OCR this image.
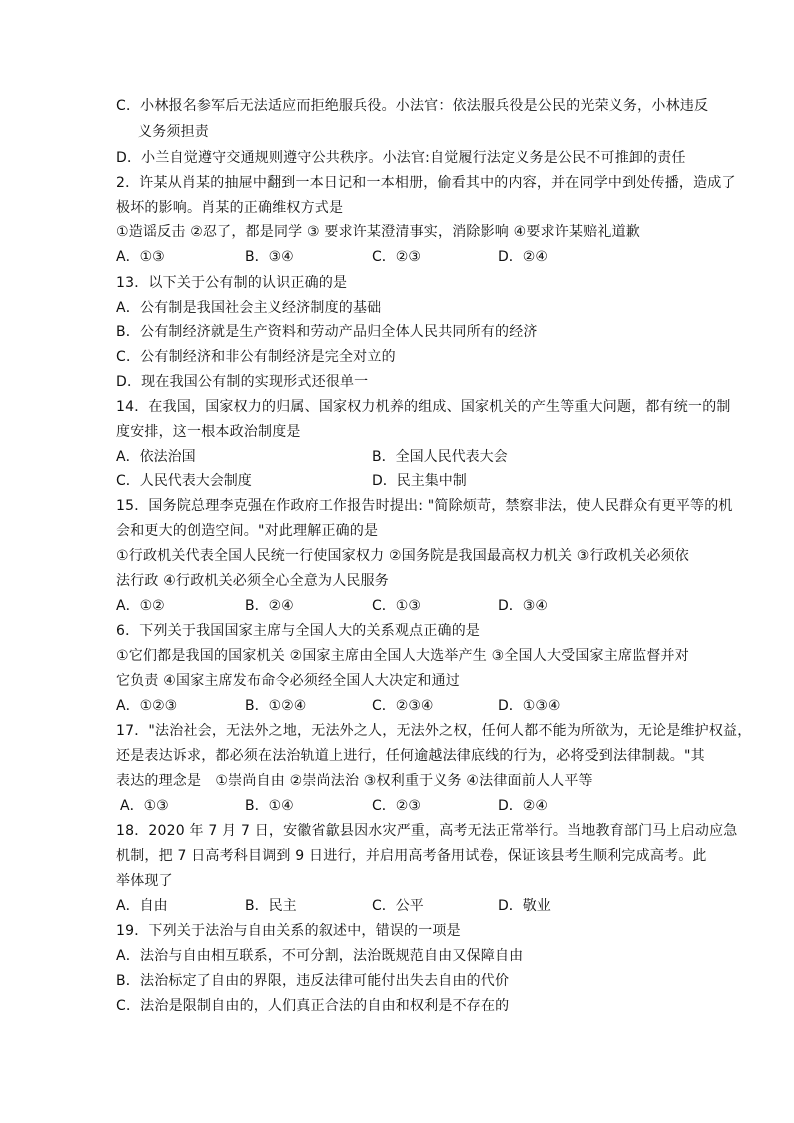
C．小林报名参军后无法适应而拒绝服兵役。小法官：依法服兵役是公民的光荣义务，小林违反
义务须担责
D．小兰自觉遵守交通规则遵守公共秩序。小法官:自觉履行法定义务是公民不可推卸的责任
2．许某从肖某的抽屉中翻到一本日记和一本相册，偷看其中的内容，并在同学中到处传播，造成了
极坏的影响。肖某的正确维权方式是
①造谣反击 ②忍了，都是同学 ③ 要求许某澄清事实，消除影响 ④要求许某赔礼道歉
A．①③	B．③④	C．②③	D．②④
13．以下关于公有制的认识正确的是
A．公有制是我国社会主义经济制度的基础
B．公有制经济就是生产资料和劳动产品归全体人民共同所有的经济
C．公有制经济和非公有制经济是完全对立的
D．现在我国公有制的实现形式还很单一
14．在我国，国家权力的归属、国家权力机养的组成、国家机关的产生等重大问题，都有统一的制
度安排，这一根本政治制度是
A．依法治国	B．全国人民代表大会
C．人民代表大会制度	D．民主集中制
15．国务院总理李克强在作政府工作报告时提出: "简除烦苛，禁察非法，使人民群众有更平等的机
会和更大的创造空间。"对此理解正确的是
①行政机关代表全国人民统一行使国家权力 ②国务院是我国最高权力机关 ③行政机关必须依
法行政 ④行政机关必须全心全意为人民服务
A．①②	B．②④	C．①③	D．③④
6．下列关于我国国家主席与全国人大的关系观点正确的是
①它们都是我国的国家机关 ②国家主席由全国人大选举产生 ③全国人大受国家主席监督并对
它负责 ④国家主席发布命令必须经全国人大决定和通过
A．①②③	B．①②④	C．②③④	D．①③④
17．"法治社会，无法外之地，无法外之人，无法外之权，任何人都不能为所欲为，无论是维护权益，
还是表达诉求，都必须在法治轨道上进行，任何逾越法律底线的行为，必将受到法律制裁。"其
表达的理念是　①崇尚自由 ②崇尚法治 ③权利重于义务 ④法律面前人人平等
A．①③	B．①④	C．②③	D．②④
18．2020 年 7 月 7 日，安徽省歙县因水灾严重，高考无法正常举行。当地教育部门马上启动应急
机制，把 7 日高考科目调到 9 日进行，并启用高考备用试卷，保证该县考生顺利完成高考。此
举体现了
A．自由	B．民主	C．公平	D．敬业
19．下列关于法治与自由关系的叙述中，错误的一项是
A．法治与自由相互联系，不可分割，法治既规范自由又保障自由
B．法治标定了自由的界限，违反法律可能付出失去自由的代价
C．法治是限制自由的，人们真正合法的自由和权利是不存在的
